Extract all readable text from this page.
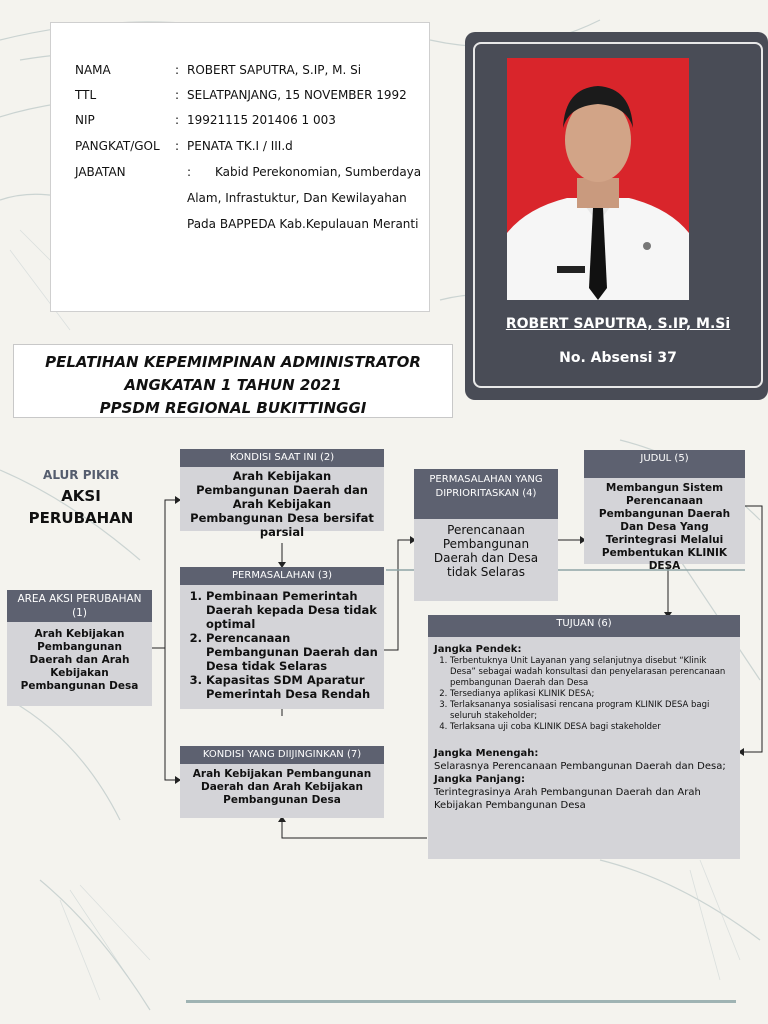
NAMA	: ROBERT SAPUTRA, S.IP, M. Si
TTL	: SELATPANJANG, 15 NOVEMBER 1992
NIP	: 19921115 201406 1 003
PANGKAT/GOL : PENATA TK.I / III.d
JABATAN	: Kabid Perekonomian, Sumberdaya
Alam, Infrastuktur, Dan Kewilayahan
Pada BAPPEDA Kab.Kepulauan Meranti
ROBERT SAPUTRA, S.IP, M.Si
No. Absensi 37
PELATIHAN KEPEMIMPINAN ADMINISTRATOR
ANGKATAN 1 TAHUN 2021
PPSDM REGIONAL BUKITTINGGI
ALUR PIKIR
AKSI
PERUBAHAN
AREA AKSI PERUBAHAN (1)
Arah Kebijakan Pembangunan Daerah dan Arah Kebijakan Pembangunan Desa
KONDISI SAAT INI (2)
Arah Kebijakan Pembangunan Daerah dan Arah Kebijakan Pembangunan Desa bersifat parsial
PERMASALAHAN (3)
1. Pembinaan Pemerintah Daerah kepada Desa tidak optimal
2. Perencanaan Pembangunan Daerah dan Desa tidak Selaras
3. Kapasitas SDM Aparatur Pemerintah Desa Rendah
PERMASALAHAN YANG DIPRIORITASKAN (4)
Perencanaan Pembangunan Daerah dan Desa tidak Selaras
JUDUL (5)
Membangun Sistem Perencanaan Pembangunan Daerah Dan Desa Yang Terintegrasi Melalui Pembentukan KLINIK DESA
TUJUAN (6)
Jangka Pendek:
1. Terbentuknya Unit Layanan yang selanjutnya disebut “Klinik Desa” sebagai wadah konsultasi dan penyelarasan perencanaan pembangunan Daerah dan Desa
2. Tersedianya aplikasi KLINIK DESA;
3. Terlaksananya sosialisasi rencana program KLINIK DESA bagi seluruh stakeholder;
4. Terlaksana uji coba KLINIK DESA bagi stakeholder
Jangka Menengah:
Selarasnya Perencanaan Pembangunan Daerah dan Desa;
Jangka Panjang:
Terintegrasinya Arah Pembangunan Daerah dan Arah Kebijakan Pembangunan Desa
KONDISI YANG DIIJINGINKAN (7)
Arah Kebijakan Pembangunan Daerah dan Arah Kebijakan Pembangunan Desa
